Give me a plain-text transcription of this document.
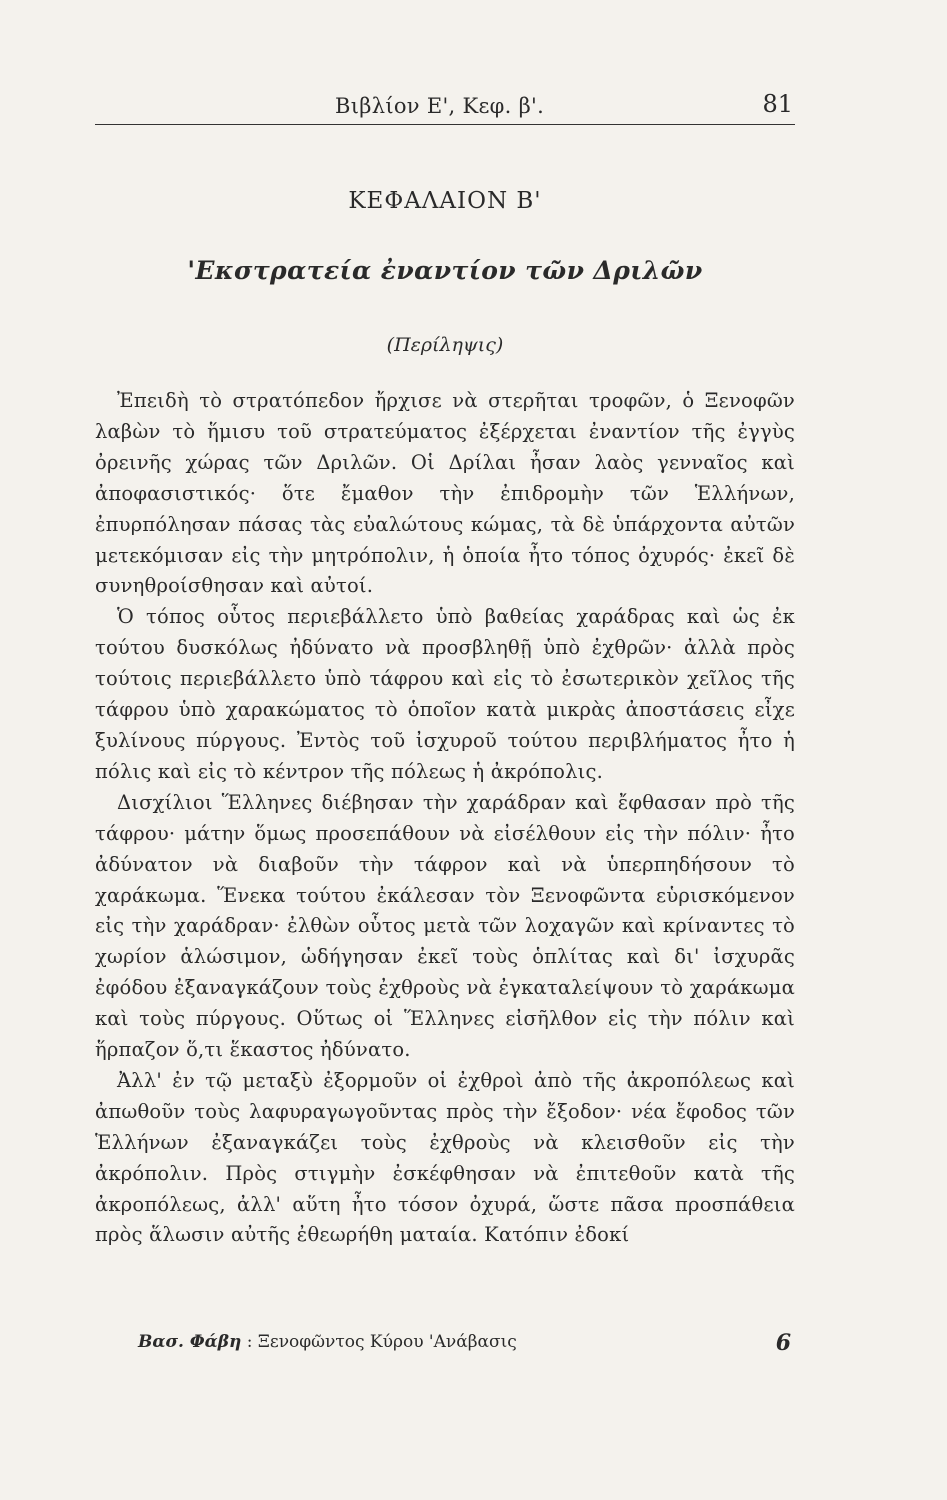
Βιβλίον Ε', Κεφ. β'.	81
ΚΕΦΑΛΑΙΟΝ Β'
'Εκστρατεία ἐναντίον τῶν Δριλῶν
(Περίληψις)

Ἐπειδὴ τὸ στρατόπεδον ἤρχισε νὰ στερῆται τροφῶν, ὁ Ξενοφῶν λαβὼν τὸ ἥμισυ τοῦ στρατεύματος ἐξέρχεται ἐναντίον τῆς ἐγγὺς ὀρεινῆς χώρας τῶν Δριλῶν. Οἱ Δρίλαι ἦσαν λαὸς γενναῖος καὶ ἀποφασιστικός· ὅτε ἔμαθον τὴν ἐπιδρομὴν τῶν Ἑλλήνων, ἐπυρπόλησαν πάσας τὰς εὐαλώτους κώμας, τὰ δὲ ὑπάρχοντα αὐτῶν μετεκόμισαν εἰς τὴν μητρόπολιν, ἡ ὁποία ἦτο τόπος ὀχυρός· ἐκεῖ δὲ συνηθροίσθησαν καὶ αὐτοί.

Ὁ τόπος οὗτος περιεβάλλετο ὑπὸ βαθείας χαράδρας καὶ ὡς ἐκ τούτου δυσκόλως ἠδύνατο νὰ προσβληθῇ ὑπὸ ἐχθρῶν· ἀλλὰ πρὸς τούτοις περιεβάλλετο ὑπὸ τάφρου καὶ εἰς τὸ ἐσωτερικὸν χεῖλος τῆς τάφρου ὑπὸ χαρακώματος τὸ ὁποῖον κατὰ μικρὰς ἀποστάσεις εἶχε ξυλίνους πύργους. Ἐντὸς τοῦ ἰσχυροῦ τούτου περιβλήματος ἦτο ἡ πόλις καὶ εἰς τὸ κέντρον τῆς πόλεως ἡ ἀκρόπολις.

Δισχίλιοι Ἕλληνες διέβησαν τὴν χαράδραν καὶ ἔφθασαν πρὸ τῆς τάφρου· μάτην ὅμως προσεπάθουν νὰ εἰσέλθουν εἰς τὴν πόλιν· ἦτο ἀδύνατον νὰ διαβοῦν τὴν τάφρον καὶ νὰ ὑπερπηδήσουν τὸ χαράκωμα. Ἕνεκα τούτου ἐκάλεσαν τὸν Ξενοφῶντα εὑρισκόμενον εἰς τὴν χαράδραν· ἐλθὼν οὗτος μετὰ τῶν λοχαγῶν καὶ κρίναντες τὸ χωρίον ἁλώσιμον, ὡδήγησαν ἐκεῖ τοὺς ὁπλίτας καὶ δι' ἰσχυρᾶς ἐφόδου ἐξαναγκάζουν τοὺς ἐχθροὺς νὰ ἐγκαταλείψουν τὸ χαράκωμα καὶ τοὺς πύργους. Οὕτως οἱ Ἕλληνες εἰσῆλθον εἰς τὴν πόλιν καὶ ἥρπαζον ὅ,τι ἕκαστος ἠδύνατο.

Ἀλλ' ἐν τῷ μεταξὺ ἐξορμοῦν οἱ ἐχθροὶ ἀπὸ τῆς ἀκροπόλεως καὶ ἀπωθοῦν τοὺς λαφυραγωγοῦντας πρὸς τὴν ἔξοδον· νέα ἔφοδος τῶν Ἑλλήνων ἐξαναγκάζει τοὺς ἐχθροὺς νὰ κλεισθοῦν εἰς τὴν ἀκρόπολιν. Πρὸς στιγμὴν ἐσκέφθησαν νὰ ἐπιτεθοῦν κατὰ τῆς ἀκροπόλεως, ἀλλ' αὕτη ἦτο τόσον ὀχυρά, ὥστε πᾶσα προσπάθεια πρὸς ἅλωσιν αὐτῆς ἐθεωρήθη ματαία. Κατόπιν ἐδοκί

Βασ. Φάβη : Ξενοφῶντος Κύρου 'Ανάβασις	6
